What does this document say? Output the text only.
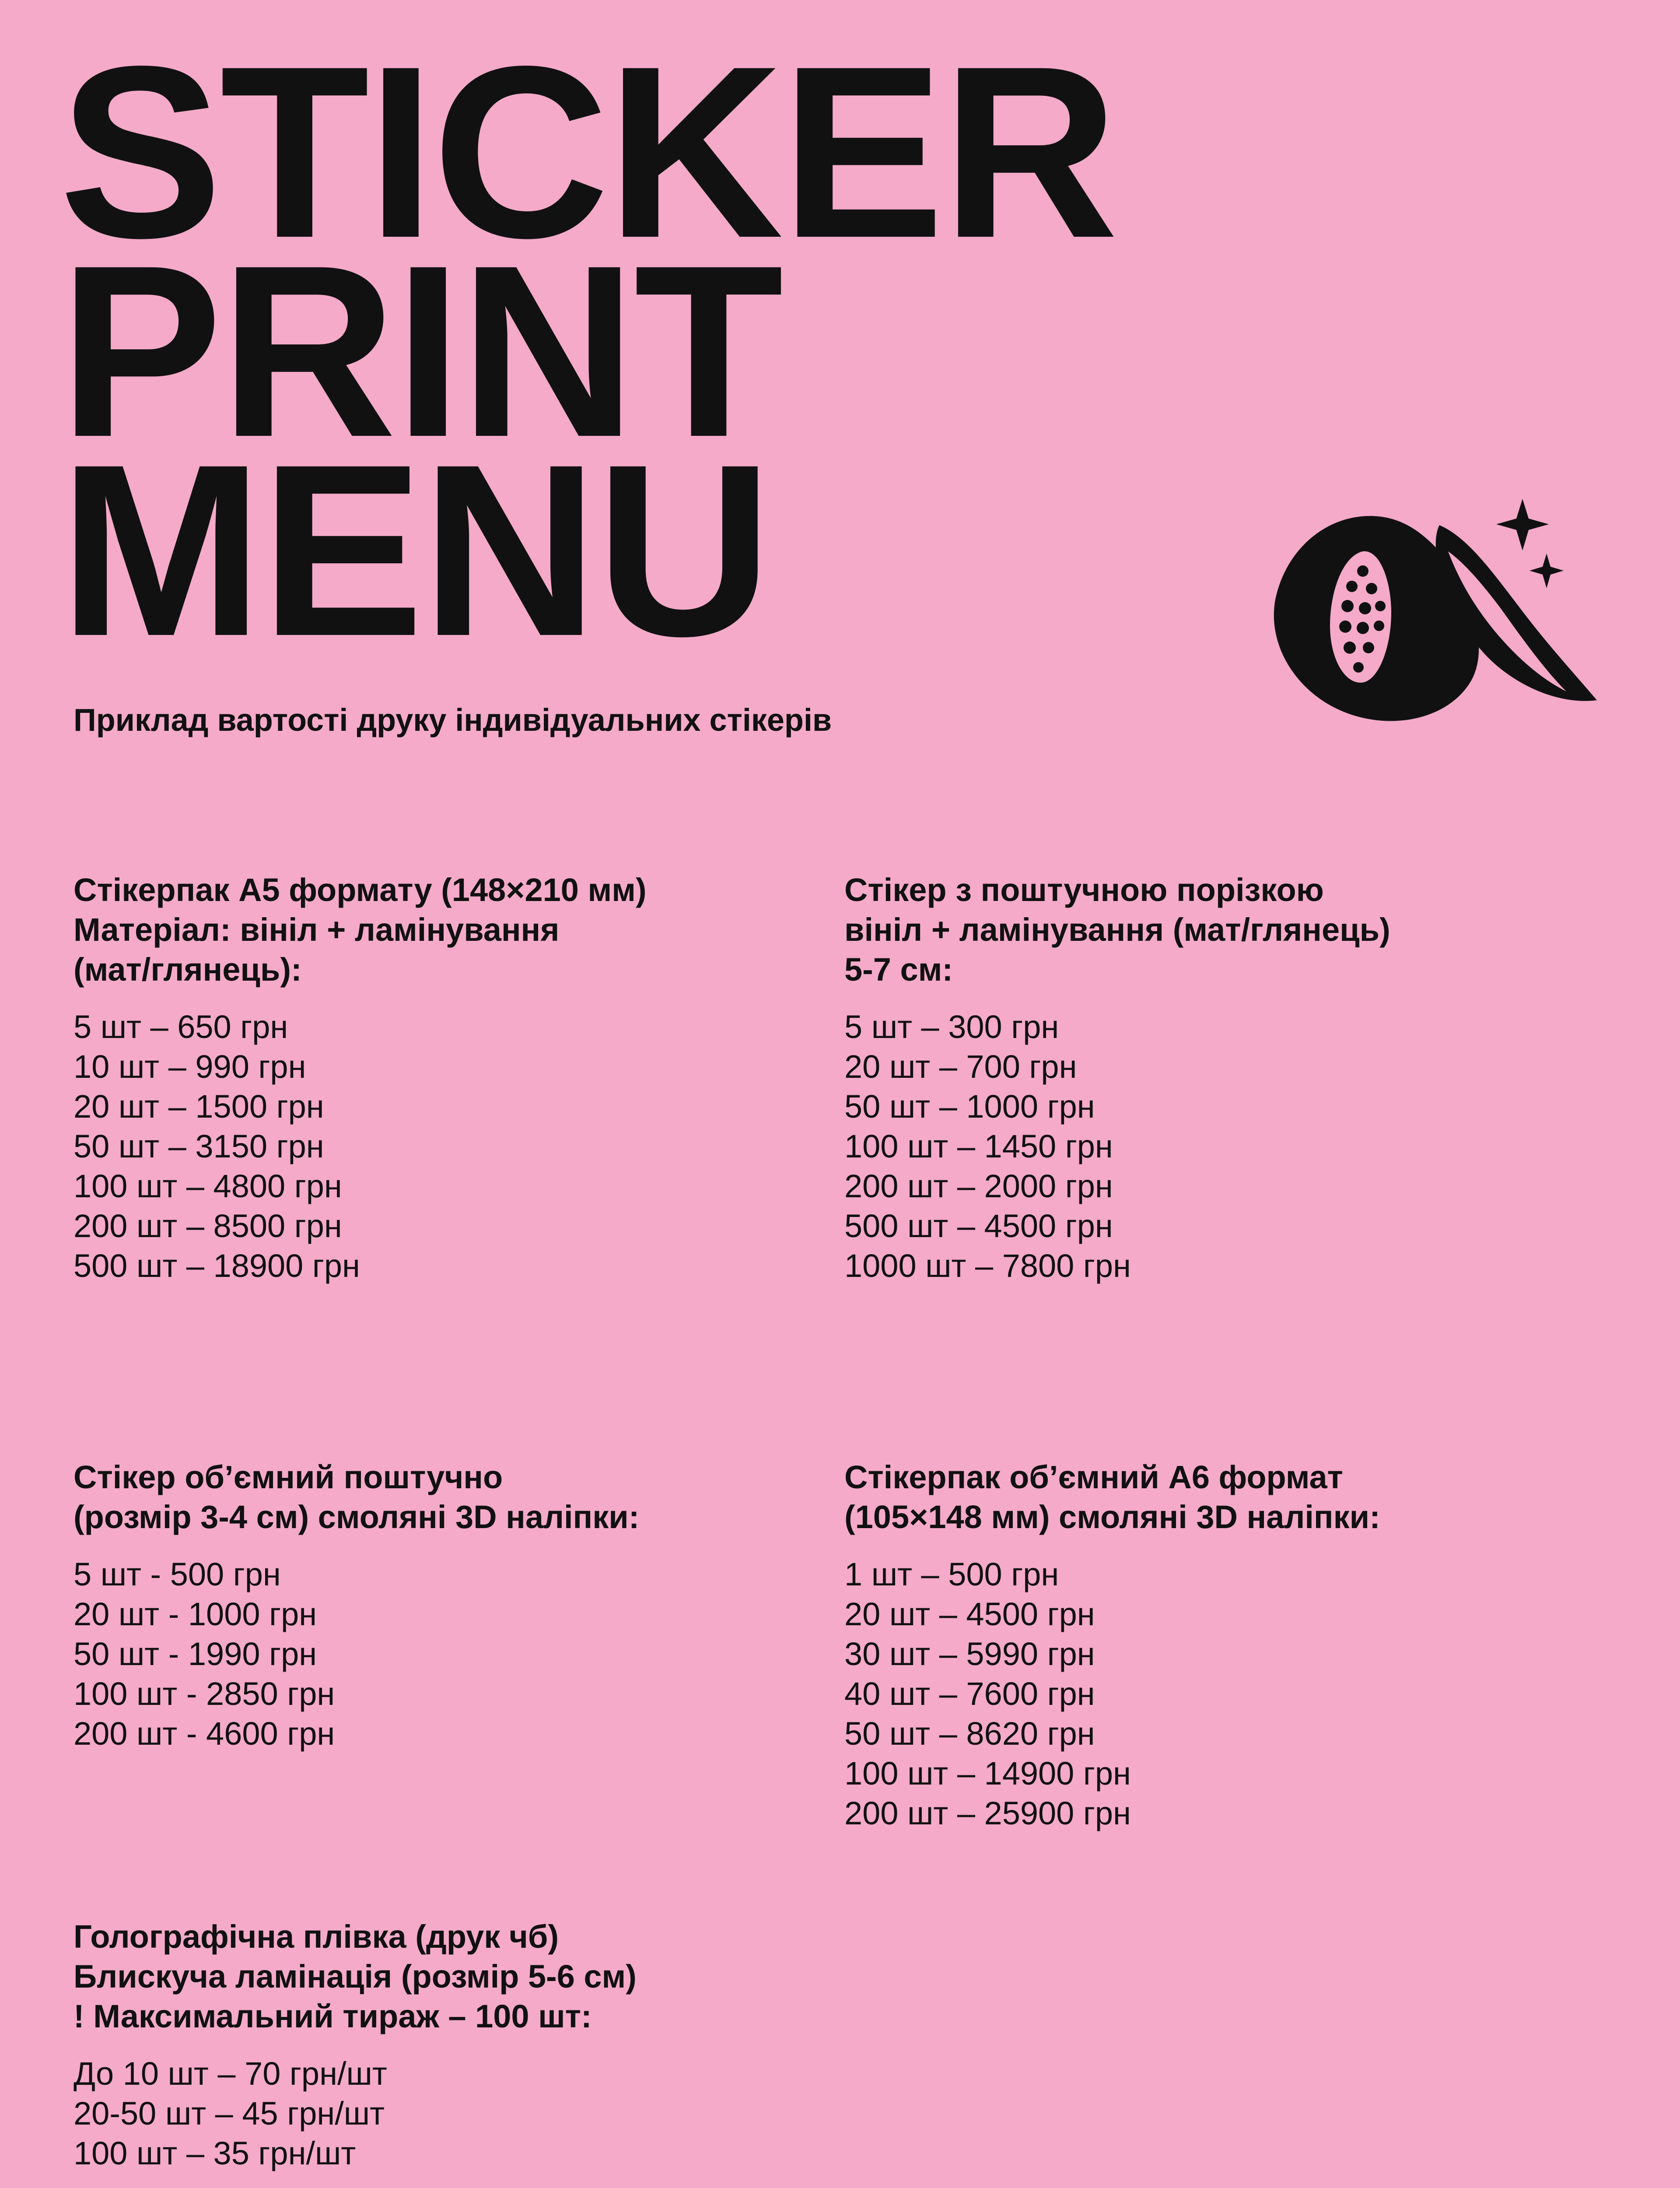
STICKER
PRINT
MENU

Приклад вартості друку індивідуальних стікерів

Стікерпак А5 формату (148×210 мм)
Матеріал: вініл + ламінування
(мат/глянець):
5 шт – 650 грн
10 шт – 990 грн
20 шт – 1500 грн
50 шт – 3150 грн
100 шт – 4800 грн
200 шт – 8500 грн
500 шт – 18900 грн
Стікер з поштучною порізкою
вініл + ламінування (мат/глянець)
5-7 см:
5 шт – 300 грн
20 шт – 700 грн
50 шт – 1000 грн
100 шт – 1450 грн
200 шт – 2000 грн
500 шт – 4500 грн
1000 шт – 7800 грн
Стікер об’ємний поштучно
(розмір 3-4 см) смоляні 3D наліпки:
5 шт - 500 грн
20 шт - 1000 грн
50 шт - 1990 грн
100 шт - 2850 грн
200 шт - 4600 грн
Стікерпак об’ємний А6 формат
(105×148 мм) смоляні 3D наліпки:
1 шт – 500 грн
20 шт – 4500 грн
30 шт – 5990 грн
40 шт – 7600 грн
50 шт – 8620 грн
100 шт – 14900 грн
200 шт – 25900 грн
Голографічна плівка (друк чб)
Блискуча ламінація (розмір 5-6 см)
! Максимальний тираж – 100 шт:
До 10 шт – 70 грн/шт
20-50 шт – 45 грн/шт
100 шт – 35 грн/шт
